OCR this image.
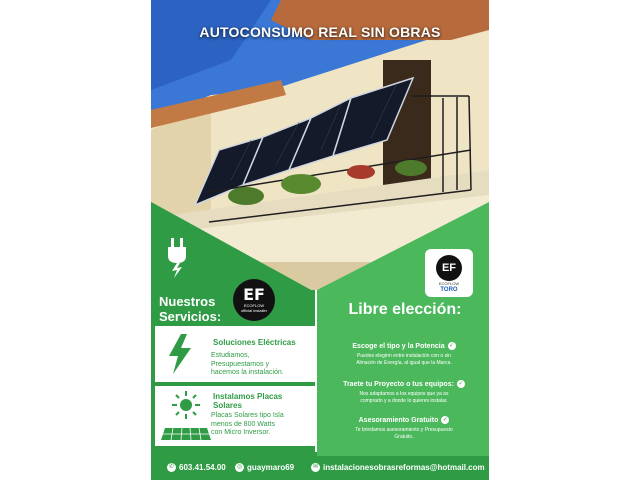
AUTOCONSUMO REAL SIN OBRAS
EF
ECOFLOW
official installer
EF
ECOFLOW
TORO
Nuestros
Servicios:	Libre elección:
Soluciones Eléctricas
Estudiamos,
Presupuestamos y
hacemos la instalación.
Instalamos Placas Solares
Placas Solares tipo Isla
menos de 800 Watts
con Micro Inversor.
Escoge el tipo y la Potencia ✓
Puedes elegirm entre instalación con o sin
Almacén de Energía, al igual que la Marca.
Traete tu Proyecto o tus equipos: ✓
Nos adaptamos a los equipos que ya as
comprado y a donde lo quieres instalar.
Asesoramiento Gratuito ✓
Te brindamos asesoramiento y Presupuesto
Gratuito.
✆ 603.41.54.00	◎ guaymaro69	✉ instalacionesobrasreformas@hotmail.com
